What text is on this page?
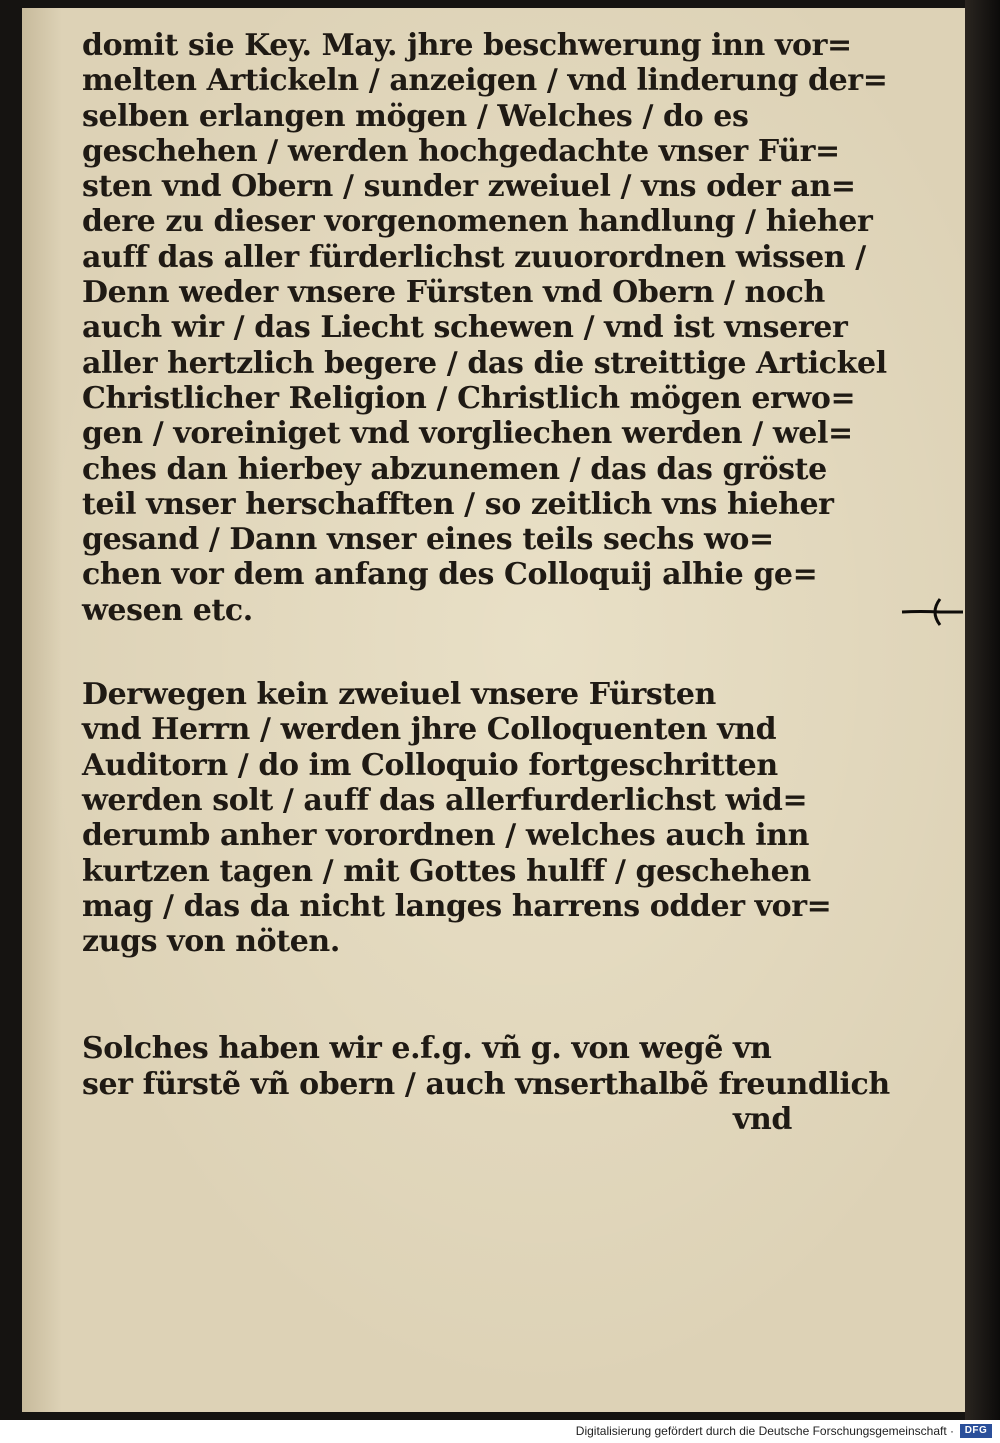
domit sie Key. May. jhre beschwerung inn vor=
melten Artickeln / anzeigen / vnd linderung der=
selben erlangen mögen / Welches / do es
geschehen / werden hochgedachte vnser Für=
sten vnd Obern / sunder zweiuel / vns oder an=
dere zu dieser vorgenomenen handlung / hieher
auff das aller fürderlichst zuuorordnen wissen /
Denn weder vnsere Fürsten vnd Obern / noch
auch wir / das Liecht schewen / vnd ist vnserer
aller hertzlich begere / das die streittige Artickel
Christlicher Religion / Christlich mögen erwo=
gen / voreiniget vnd vorgliechen werden / wel=
ches dan hierbey abzunemen / das das gröste
teil vnser herschafften / so zeitlich vns hieher
gesand / Dann vnser eines teils sechs wo=
chen vor dem anfang des Colloquij alhie ge=
wesen etc.
Derwegen kein zweiuel vnsere Fürsten
vnd Herrn / werden jhre Colloquenten vnd
Auditorn / do im Colloquio fortgeschritten
werden solt / auff das allerfurderlichst wid=
derumb anher vorordnen / welches auch inn
kurtzen tagen / mit Gottes hulff / geschehen
mag / das da nicht langes harrens odder vor=
zugs von nöten.
Solches haben wir e.f.g. vñ g. von wegẽ vn
ser fürstẽ vñ obern / auch vnserthalbẽ freundlich
vnd
Digitalisierung gefördert durch die Deutsche Forschungsgemeinschaft ·	DFG
